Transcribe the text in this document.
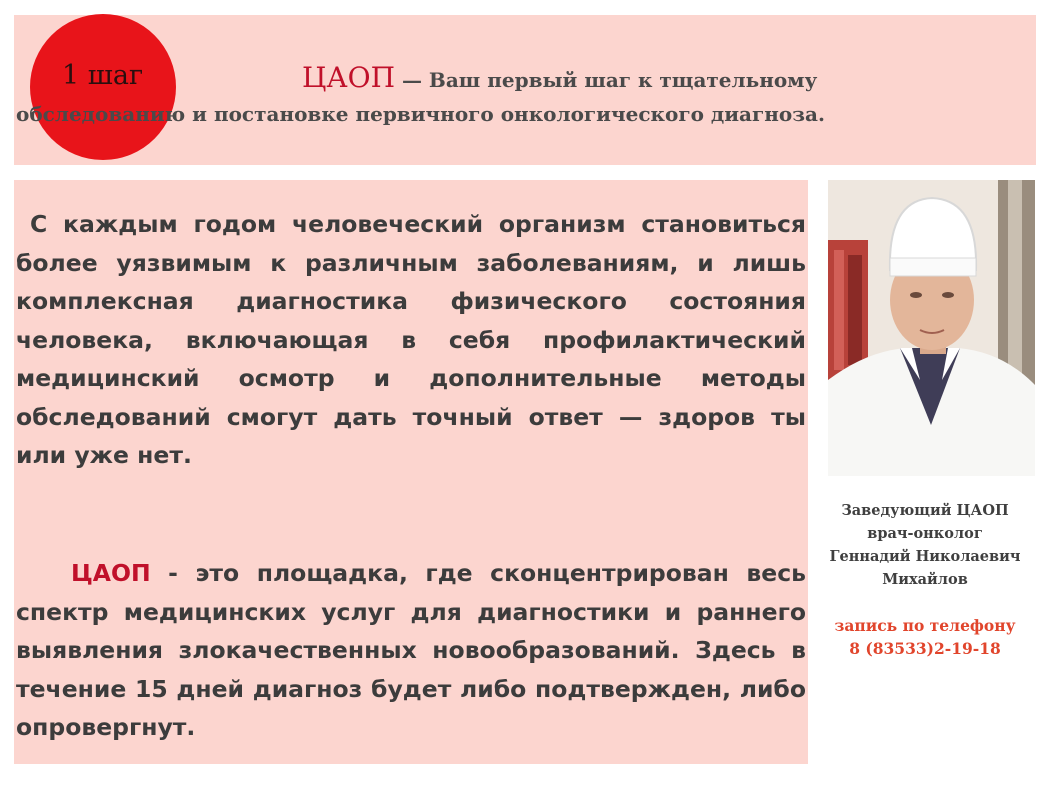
1 шаг	ЦАОП — Ваш первый шаг к тщательному
обследованию и постановке первичного онкологического диагноза.
С каждым годом человеческий организм становиться более уязвимым к различным заболеваниям, и лишь комплексная диагностика физического состояния человека, включающая в себя профилактический медицинский осмотр и дополнительные методы обследований смогут дать точный ответ — здоров ты или уже нет.
ЦАОП - это площадка, где сконцентрирован весь спектр медицинских услуг для диагностики и раннего выявления злокачественных новообразований. Здесь в течение 15 дней диагноз будет либо подтвержден, либо опровергнут.
Заведующий ЦАОП
врач-онколог
Геннадий Николаевич
Михайлов
запись по телефону
8 (83533)2-19-18
